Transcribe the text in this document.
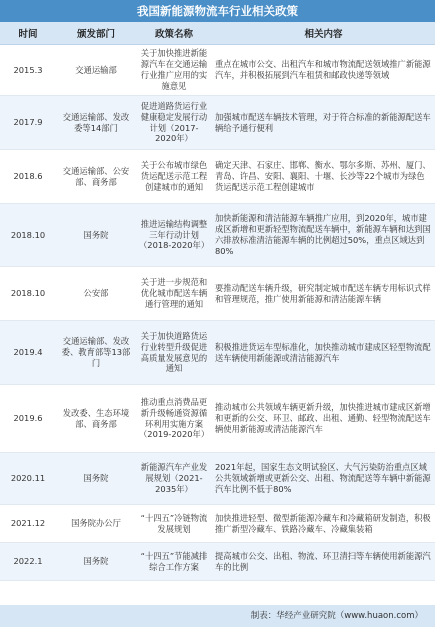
我国新能源物流车行业相关政策
时间	颁发部门	政策名称	相关内容
2015.3	交通运输部	关于加快推进新能源汽车在交通运输行业推广应用的实施意见	重点在城市公交、出租汽车和城市物流配送领域推广新能源汽车，并积极拓展到汽车租赁和邮政快递等领域
2017.9	交通运输部、发改委等14部门	促进道路货运行业健康稳定发展行动计划（2017-2020年）	加强城市配送车辆技术管理，对于符合标准的新能源配送车辆给予通行便利
2018.6	交通运输部、公安部、商务部	关于公布城市绿色货运配送示范工程创建城市的通知	确定天津、石家庄、邯郸、衡水、鄂尔多斯、苏州、厦门、青岛、许昌、安阳、襄阳、十堰、长沙等22个城市为绿色货运配送示范工程创建城市
2018.10	国务院	推进运输结构调整三年行动计划（2018-2020年）	加快新能源和清洁能源车辆推广应用，到2020年，城市建成区新增和更新轻型物流配送车辆中，新能源车辆和达到国六排放标准清洁能源车辆的比例超过50%，重点区域达到80%
2018.10	公安部	关于进一步规范和优化城市配送车辆通行管理的通知	要推动配送车辆升级，研究制定城市配送车辆专用标识式样和管理规范，推广使用新能源和清洁能源车辆
2019.4	交通运输部、发改委、教育部等13部门	关于加快道路货运行业转型升级促进高质量发展意见的通知	积极推进货运车型标准化，加快推动城市建成区轻型物流配送车辆使用新能源或清洁能源汽车
2019.6	发改委、生态环境部、商务部	推动重点消费品更新升级畅通资源循环利用实施方案（2019-2020年）	推动城市公共领域车辆更新升级，加快推进城市建成区新增和更新的公交、环卫、邮政、出租、通勤、轻型物流配送车辆使用新能源或清洁能源汽车
2020.11	国务院	新能源汽车产业发展规划（2021-2035年）	2021年起，国家生态文明试验区、大气污染防治重点区域公共领域新增或更新公交、出租、物流配送等车辆中新能源汽车比例不低于80%
2021.12	国务院办公厅	“十四五”冷链物流发展规划	加快推进轻型、微型新能源冷藏车和冷藏箱研发制造，积极推广新型冷藏车、铁路冷藏车、冷藏集装箱
2022.1	国务院	“十四五”节能减排综合工作方案	提高城市公交、出租、物流、环卫清扫等车辆使用新能源汽车的比例
制表：华经产业研究院（www.huaon.com）
